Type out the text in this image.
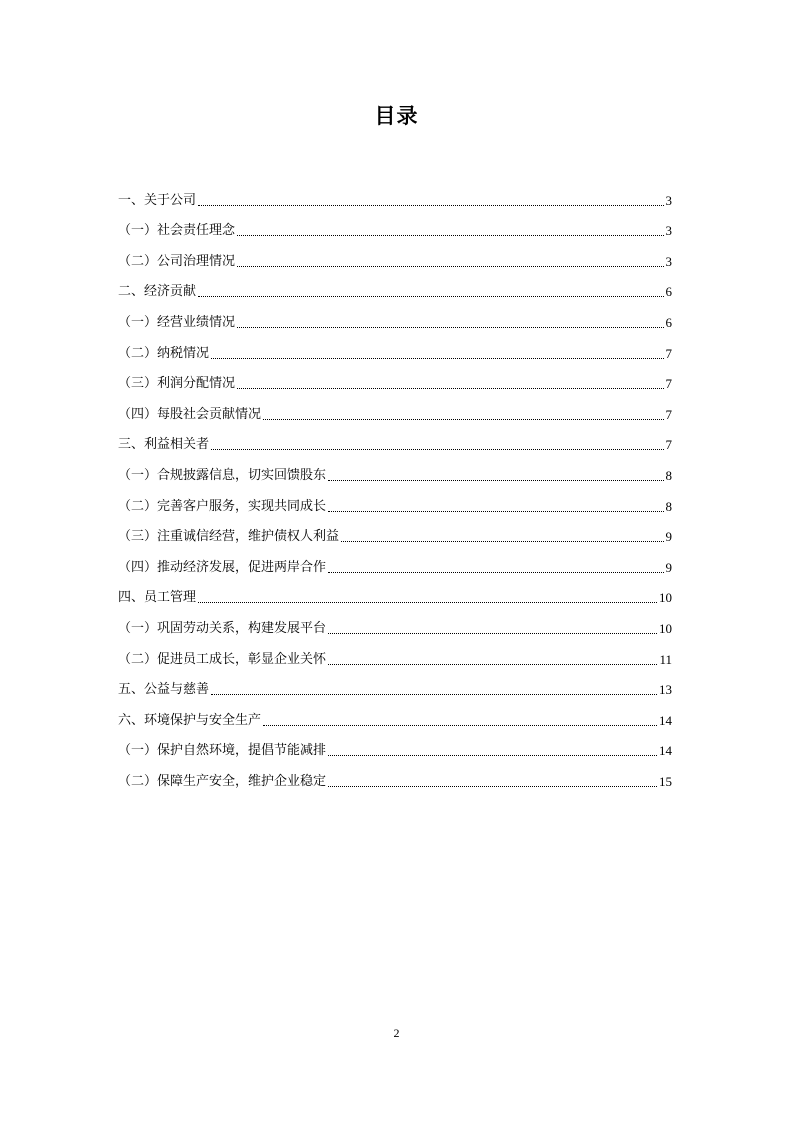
目录
一、关于公司	3
（一）社会责任理念	3
（二）公司治理情况	3
二、经济贡献	6
（一）经营业绩情况	6
（二）纳税情况	7
（三）利润分配情况	7
（四）每股社会贡献情况	7
三、利益相关者	7
（一）合规披露信息，切实回馈股东	8
（二）完善客户服务，实现共同成长	8
（三）注重诚信经营，维护债权人利益	9
（四）推动经济发展，促进两岸合作	9
四、员工管理	10
（一）巩固劳动关系，构建发展平台	10
（二）促进员工成长，彰显企业关怀	11
五、公益与慈善	13
六、环境保护与安全生产	14
（一）保护自然环境，提倡节能减排	14
（二）保障生产安全，维护企业稳定	15
2
